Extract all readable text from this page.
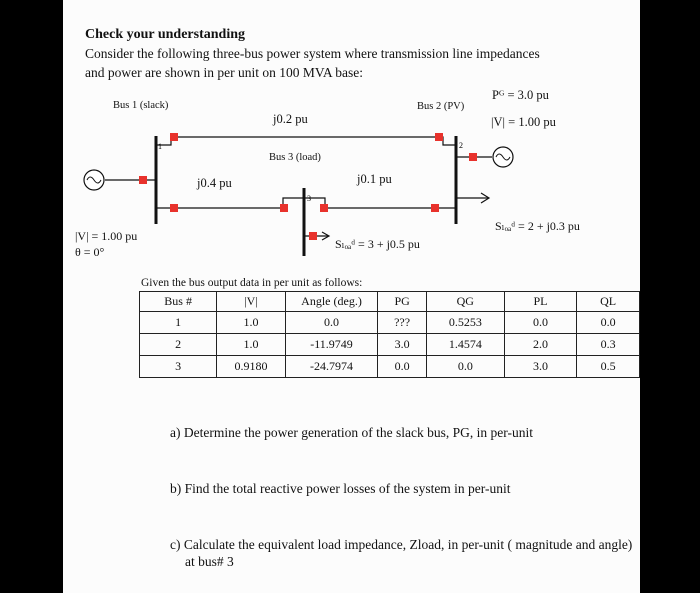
Check your understanding
Consider the following three-bus power system where transmission line impedances
and power are shown in per unit on 100 MVA base:
1	2
3
Bus 1 (slack)	Bus 2 (PV)
Bus 3 (load)
Pᴳ = 3.0 pu
|V| = 1.00 pu
j0.2 pu
j0.4 pu	j0.1 pu
|V| = 1.00 pu
θ = 0°
Sₗₒₐᵈ = 3 + j0.5 pu
Sₗₒₐᵈ = 2 + j0.3 pu
Given the bus output data in per unit as follows:
Bus #	|V|	Angle (deg.)	PG	QG	PL	QL
1	1.0	0.0	???	0.5253	0.0	0.0
2	1.0	-11.9749	3.0	1.4574	2.0	0.3
3	0.9180	-24.7974	0.0	0.0	3.0	0.5
a) Determine the power generation of the slack bus, PG, in per-unit
b) Find the total reactive power losses of the system in per-unit
c) Calculate the equivalent load impedance, Zload, in per-unit ( magnitude and angle)
at bus# 3
